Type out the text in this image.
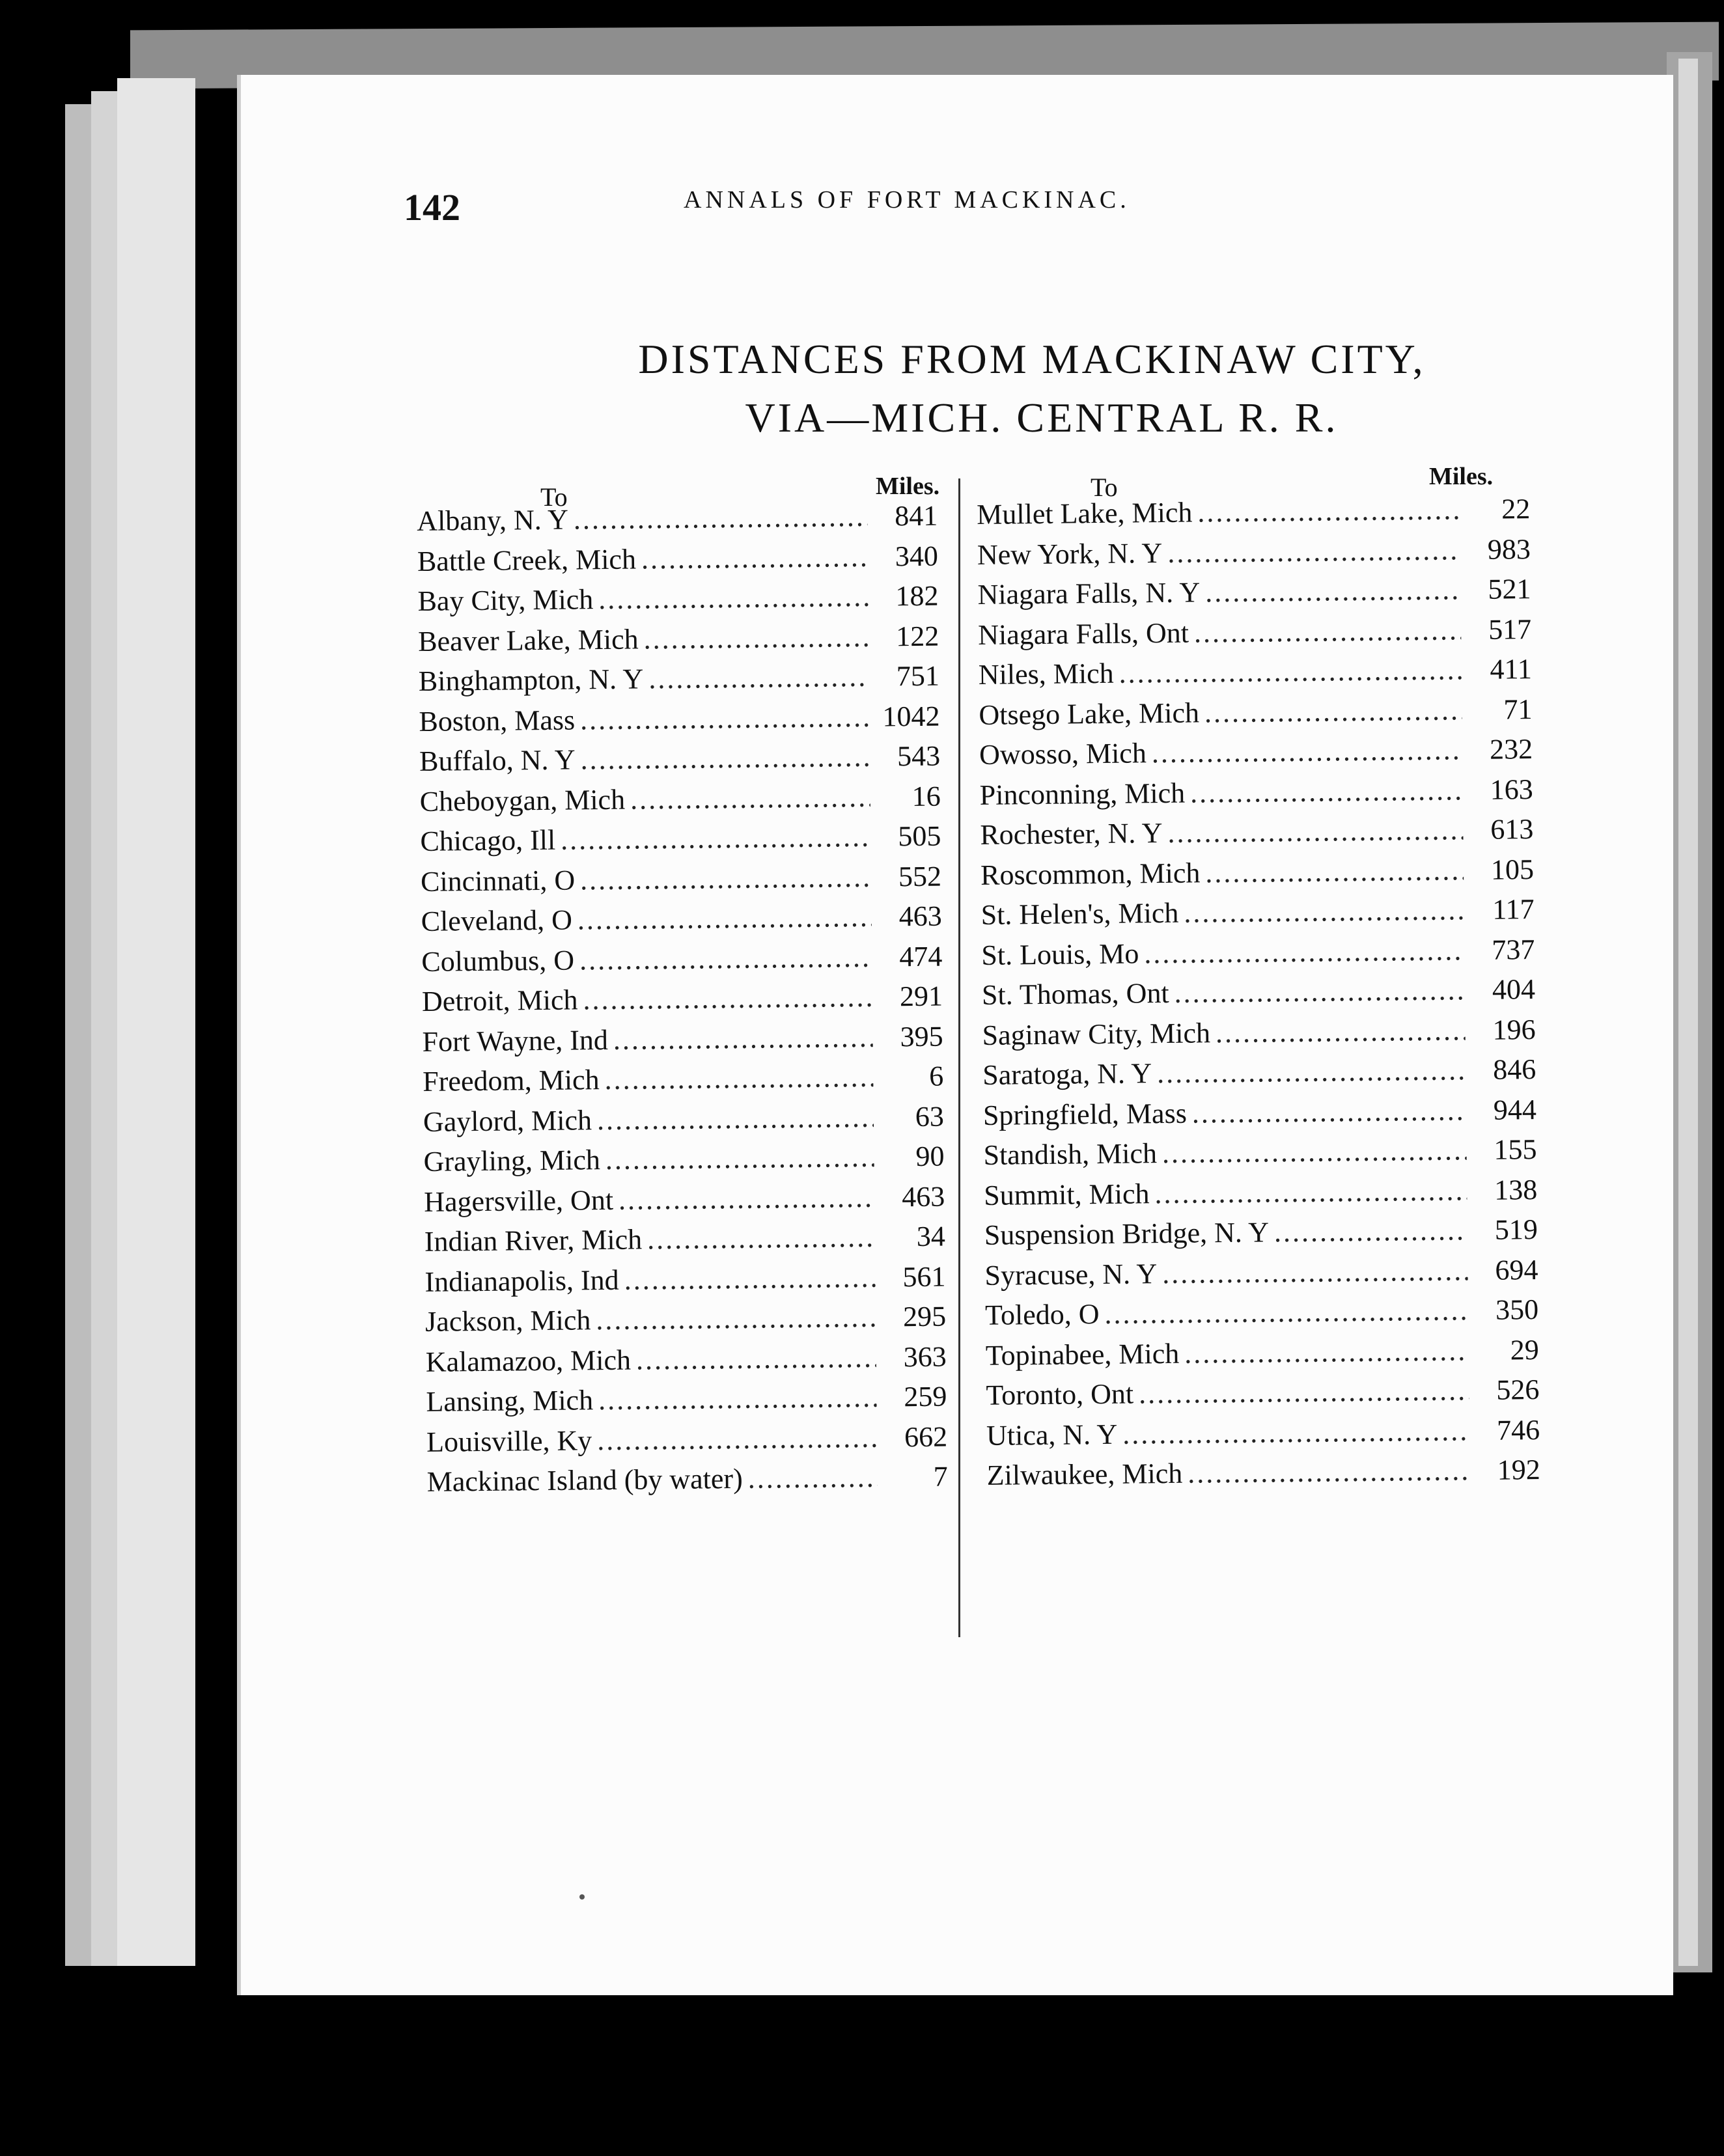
142	ANNALS OF FORT MACKINAC.
DISTANCES FROM MACKINAW CITY,
VIA—MICH. CENTRAL R. R.
To	Miles.	To	Miles.
Albany, N. Y . . .	841
Battle Creek, Mich . . .	340
Bay City, Mich . . .	182
Beaver Lake, Mich . . .	122
Binghampton, N. Y . . .	751
Boston, Mass . . .	1042
Buffalo, N. Y . . .	543
Cheboygan, Mich . . .	16
Chicago, Ill . . .	505
Cincinnati, O . . .	552
Cleveland, O . . .	463
Columbus, O . . .	474
Detroit, Mich . . .	291
Fort Wayne, Ind . . .	395
Freedom, Mich . . .	6
Gaylord, Mich . . .	63
Grayling, Mich . . .	90
Hagersville, Ont . . .	463
Indian River, Mich . . .	34
Indianapolis, Ind . . .	561
Jackson, Mich . . .	295
Kalamazoo, Mich . . .	363
Lansing, Mich . . .	259
Louisville, Ky . . .	662
Mackinac Island (by water) . . .	7
Mullet Lake, Mich . . .	22
New York, N. Y . . .	983
Niagara Falls, N. Y . . .	521
Niagara Falls, Ont . . .	517
Niles, Mich . . .	411
Otsego Lake, Mich . . .	71
Owosso, Mich . . .	232
Pinconning, Mich . . .	163
Rochester, N. Y . . .	613
Roscommon, Mich . . .	105
St. Helen's, Mich . . .	117
St. Louis, Mo . . .	737
St. Thomas, Ont . . .	404
Saginaw City, Mich . . .	196
Saratoga, N. Y . . .	846
Springfield, Mass . . .	944
Standish, Mich . . .	155
Summit, Mich . . .	138
Suspension Bridge, N. Y . . .	519
Syracuse, N. Y . . .	694
Toledo, O . . .	350
Topinabee, Mich . . .	29
Toronto, Ont . . .	526
Utica, N. Y . . .	746
Zilwaukee, Mich . . .	192
